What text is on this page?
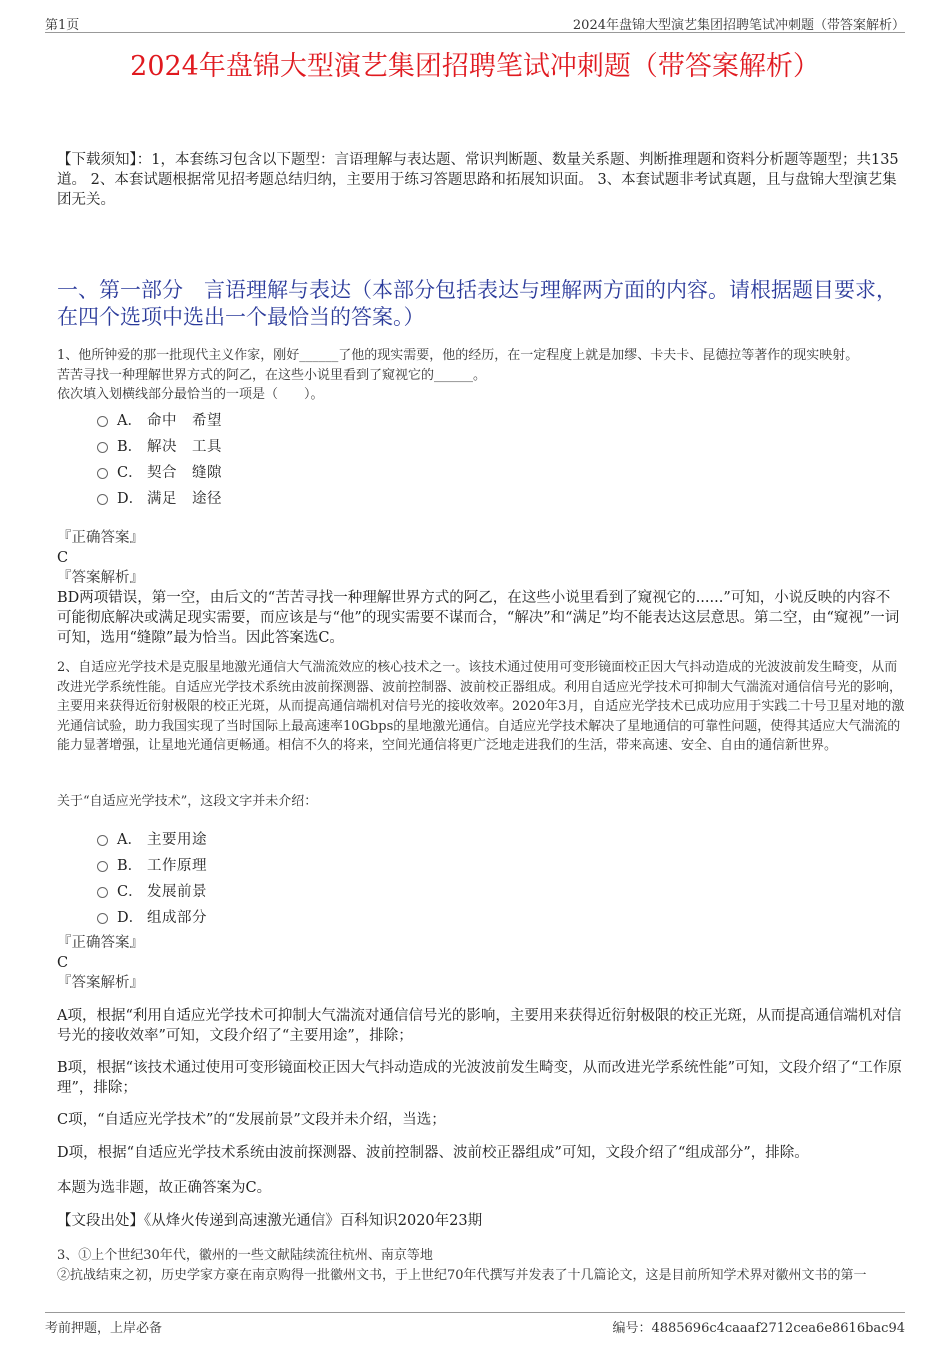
第1页	2024年盘锦大型演艺集团招聘笔试冲刺题（带答案解析）
2024年盘锦大型演艺集团招聘笔试冲刺题（带答案解析）
【下载须知】：1，本套练习包含以下题型：言语理解与表达题、常识判断题、数量关系题、判断推理题和资料分析题等题型；共135道。 2、本套试题根据常见招考题总结归纳，主要用于练习答题思路和拓展知识面。 3、本套试题非考试真题，且与盘锦大型演艺集团无关。
一、第一部分　言语理解与表达（本部分包括表达与理解两方面的内容。请根据题目要求，在四个选项中选出一个最恰当的答案。）
1、他所钟爱的那一批现代主义作家，刚好______了他的现实需要，他的经历，在一定程度上就是加缪、卡夫卡、昆德拉等著作的现实映射。
苦苦寻找一种理解世界方式的阿乙，在这些小说里看到了窥视它的______。
依次填入划横线部分最恰当的一项是（　　）。
A． 命中　希望
B． 解决　工具
C． 契合　缝隙
D． 满足　途径
『正确答案』
C
『答案解析』
BD两项错误，第一空，由后文的“苦苦寻找一种理解世界方式的阿乙，在这些小说里看到了窥视它的......”可知，小说反映的内容不可能彻底解决或满足现实需要，而应该是与“他”的现实需要不谋而合，“解决”和“满足”均不能表达这层意思。第二空，由“窥视”一词可知，选用“缝隙”最为恰当。因此答案选C。
2、自适应光学技术是克服星地激光通信大气湍流效应的核心技术之一。该技术通过使用可变形镜面校正因大气抖动造成的光波波前发生畸变，从而改进光学系统性能。自适应光学技术系统由波前探测器、波前控制器、波前校正器组成。利用自适应光学技术可抑制大气湍流对通信信号光的影响，主要用来获得近衍射极限的校正光斑，从而提高通信端机对信号光的接收效率。2020年3月，自适应光学技术已成功应用于实践二十号卫星对地的激光通信试验，助力我国实现了当时国际上最高速率10Gbps的星地激光通信。自适应光学技术解决了星地通信的可靠性问题，使得其适应大气湍流的能力显著增强，让星地光通信更畅通。相信不久的将来，空间光通信将更广泛地走进我们的生活，带来高速、安全、自由的通信新世界。
关于“自适应光学技术”，这段文字并未介绍：
A． 主要用途
B． 工作原理
C． 发展前景
D． 组成部分
『正确答案』
C
『答案解析』
A项，根据“利用自适应光学技术可抑制大气湍流对通信信号光的影响，主要用来获得近衍射极限的校正光斑，从而提高通信端机对信号光的接收效率”可知，文段介绍了“主要用途”，排除；
B项，根据“该技术通过使用可变形镜面校正因大气抖动造成的光波波前发生畸变，从而改进光学系统性能”可知，文段介绍了“工作原理”，排除；
C项，“自适应光学技术”的“发展前景”文段并未介绍，当选；
D项，根据“自适应光学技术系统由波前探测器、波前控制器、波前校正器组成”可知，文段介绍了“组成部分”，排除。
本题为选非题，故正确答案为C。
【文段出处】《从烽火传递到高速激光通信》百科知识2020年23期
3、①上个世纪30年代，徽州的一些文献陆续流往杭州、南京等地
②抗战结束之初，历史学家方豪在南京购得一批徽州文书，于上世纪70年代撰写并发表了十几篇论文，这是目前所知学术界对徽州文书的第一
考前押题，上岸必备	编号：4885696c4caaaf2712cea6e8616bac94
